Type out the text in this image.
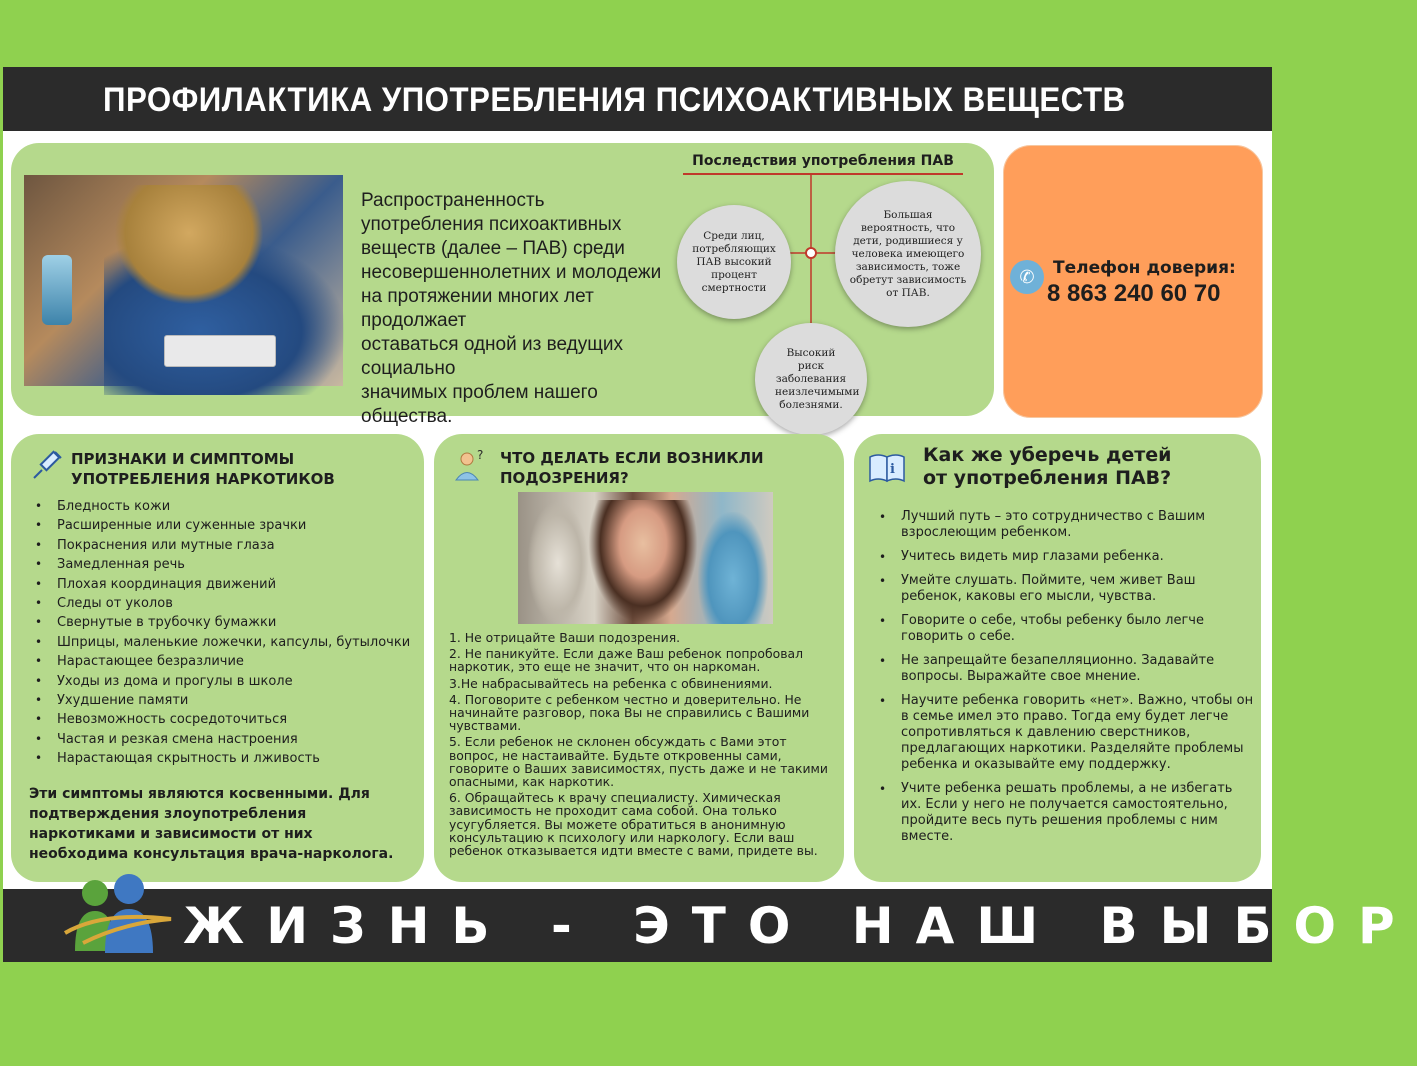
ПРОФИЛАКТИКА УПОТРЕБЛЕНИЯ ПСИХОАКТИВНЫХ ВЕЩЕСТВ
Распространенность
употребления психоактивных
веществ (далее – ПАВ) среди
несовершеннолетних и молодежи
на протяжении многих лет продолжает
оставаться одной из ведущих социально
значимых проблем нашего общества.
Последствия употребления ПАВ
Среди лиц, потребляющих ПАВ высокий процент смертности
Большая вероятность, что дети, родившиеся у человека имеющего зависимость, тоже обретут зависимость от ПАВ.
Высокий риск заболевания неизлечимыми болезнями.
✆	Телефон доверия:
8 863 240 60 70
ПРИЗНАКИ И СИМПТОМЫ
УПОТРЕБЛЕНИЯ НАРКОТИКОВ
• Бледность кожи
• Расширенные или суженные зрачки
• Покраснения или мутные глаза
• Замедленная речь
• Плохая координация движений
• Следы от уколов
• Свернутые в трубочку бумажки
• Шприцы, маленькие ложечки, капсулы, бутылочки
• Нарастающее безразличие
• Уходы из дома и прогулы в школе
• Ухудшение памяти
• Невозможность сосредоточиться
• Частая и резкая смена настроения
• Нарастающая скрытность и лживость
Эти симптомы являются косвенными. Для подтверждения злоупотребления наркотиками и зависимости от них необходима консультация врача-нарколога.
? ЧТО ДЕЛАТЬ ЕСЛИ ВОЗНИКЛИ
ПОДОЗРЕНИЯ?

1. Не отрицайте Ваши подозрения.

2. Не паникуйте. Если даже Ваш ребенок попробовал наркотик, это еще не значит, что он наркоман.

3.Не набрасывайтесь на ребенка с обвинениями.

4. Поговорите с ребенком честно и доверительно. Не начинайте разговор, пока Вы не справились с Вашими чувствами.

5. Если ребенок не склонен обсуждать с Вами этот вопрос, не настаивайте. Будьте откровенны сами, говорите о Ваших зависимостях, пусть даже и не такими опасными, как наркотик.

6. Обращайтесь к врачу специалисту. Химическая зависимость не проходит сама собой. Она только усугубляется. Вы можете обратиться в анонимную консультацию к психологу или наркологу. Если ваш ребенок отказывается идти вместе с вами, придете вы.

i
Как же уберечь детей
от употребления ПАВ?
• Лучший путь – это сотрудничество с Вашим взрослеющим ребенком.
• Учитесь видеть мир глазами ребенка.
• Умейте слушать. Поймите, чем живет Ваш ребенок, каковы его мысли, чувства.
• Говорите о себе, чтобы ребенку было легче говорить о себе.
• Не запрещайте безапелляционно. Задавайте вопросы. Выражайте свое мнение.
• Научите ребенка говорить «нет». Важно, чтобы он в семье имел это право. Тогда ему будет легче сопротивляться к давлению сверстников, предлагающих наркотики. Разделяйте проблемы ребенка и оказывайте ему поддержку.
• Учите ребенка решать проблемы, а не избегать их. Если у него не получается самостоятельно, пройдите весь путь решения проблемы с ним вместе.
ЖИЗНЬ - ЭТО НАШ ВЫБОР
